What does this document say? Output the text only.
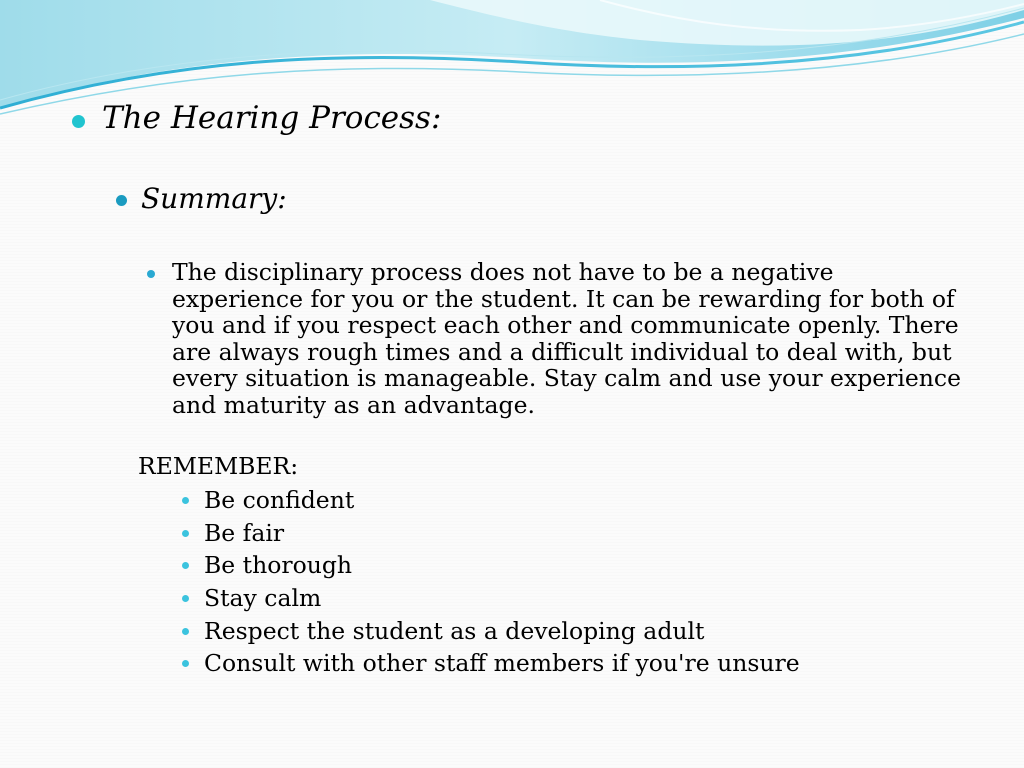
The Hearing Process:
Summary:
The disciplinary process does not have to be a negative experience for you or the student. It can be rewarding for both of you and if you respect each other and communicate openly. There are always rough times and a difficult individual to deal with, but every situation is manageable. Stay calm and use your experience and maturity as an advantage.
REMEMBER:
Be confident
Be fair
Be thorough
Stay calm
Respect the student as a developing adult
Consult with other staff members if you're unsure
